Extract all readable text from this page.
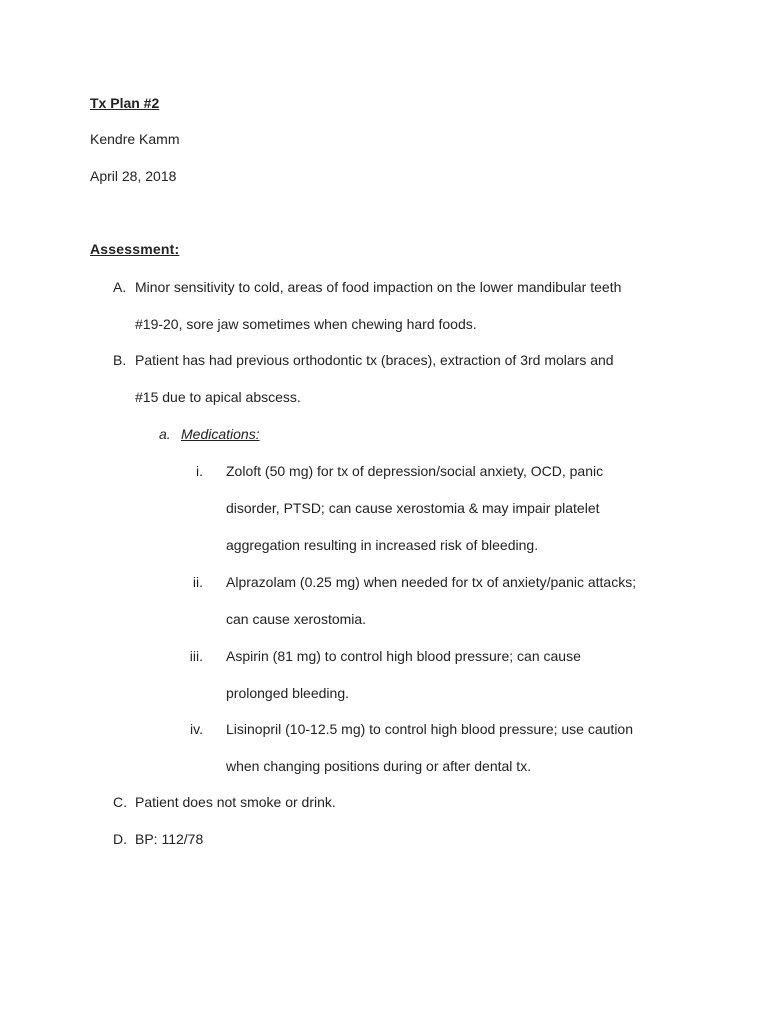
Tx Plan #2
Kendre Kamm
April 28, 2018
Assessment:
A. Minor sensitivity to cold, areas of food impaction on the lower mandibular teeth
#19-20, sore jaw sometimes when chewing hard foods.
B. Patient has had previous orthodontic tx (braces), extraction of 3rd molars and
#15 due to apical abscess.
a. Medications:
i. Zoloft (50 mg) for tx of depression/social anxiety, OCD, panic
disorder, PTSD; can cause xerostomia & may impair platelet
aggregation resulting in increased risk of bleeding.
ii. Alprazolam (0.25 mg) when needed for tx of anxiety/panic attacks;
can cause xerostomia.
iii. Aspirin (81 mg) to control high blood pressure; can cause
prolonged bleeding.
iv. Lisinopril (10-12.5 mg) to control high blood pressure; use caution
when changing positions during or after dental tx.
C. Patient does not smoke or drink.
D. BP: 112/78
